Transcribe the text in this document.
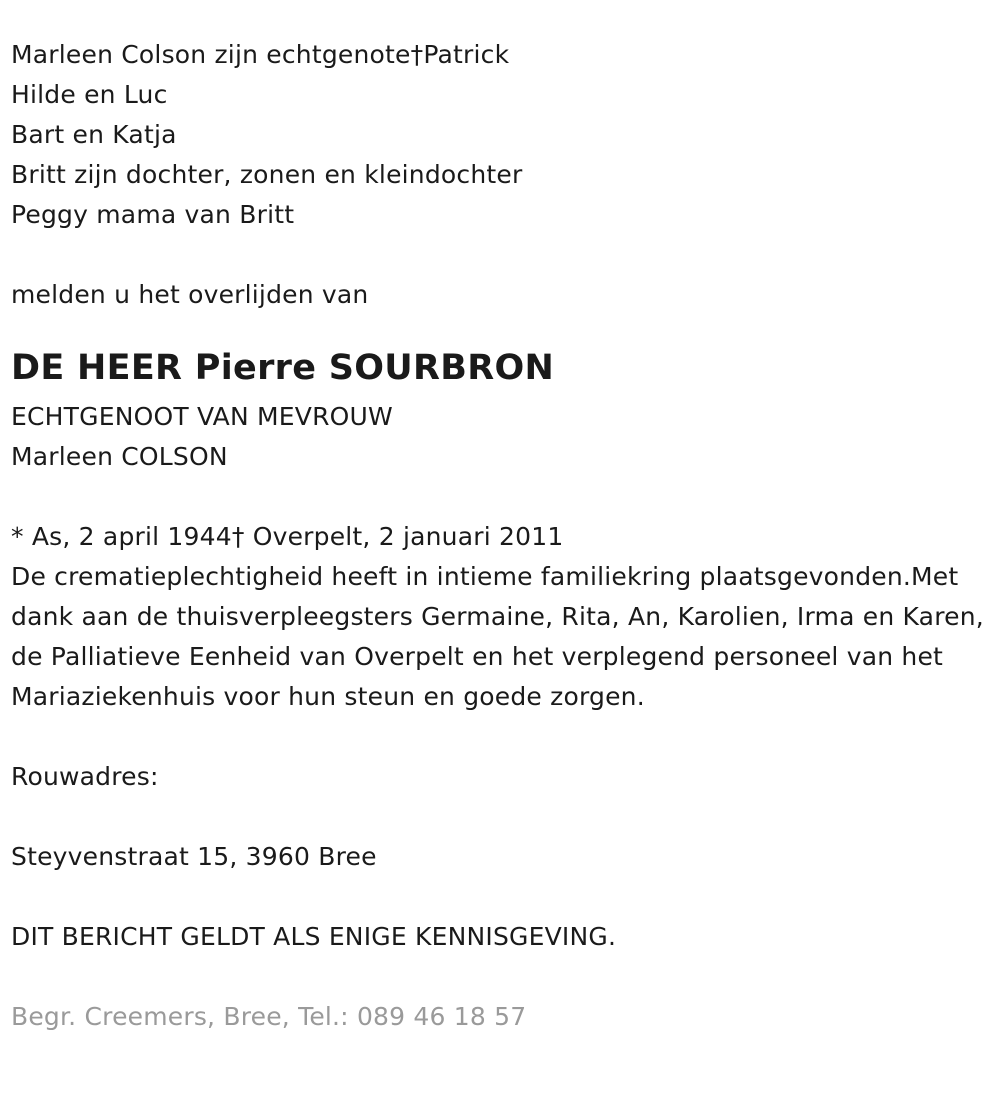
Marleen Colson zijn echtgenote†Patrick
Hilde en Luc
Bart en Katja
Britt zijn dochter, zonen en kleindochter
Peggy mama van Britt
melden u het overlijden van
DE HEER Pierre SOURBRON
ECHTGENOOT VAN MEVROUW
Marleen COLSON
* As, 2 april 1944† Overpelt, 2 januari 2011
De crematieplechtigheid heeft in intieme familiekring plaatsgevonden.Met dank aan de thuisverpleegsters Germaine, Rita, An, Karolien, Irma en Karen, de Palliatieve Eenheid van Overpelt en het verplegend personeel van het Mariaziekenhuis voor hun steun en goede zorgen.
Rouwadres:
Steyvenstraat 15, 3960 Bree
DIT BERICHT GELDT ALS ENIGE KENNISGEVING.
Begr. Creemers, Bree, Tel.: 089 46 18 57
